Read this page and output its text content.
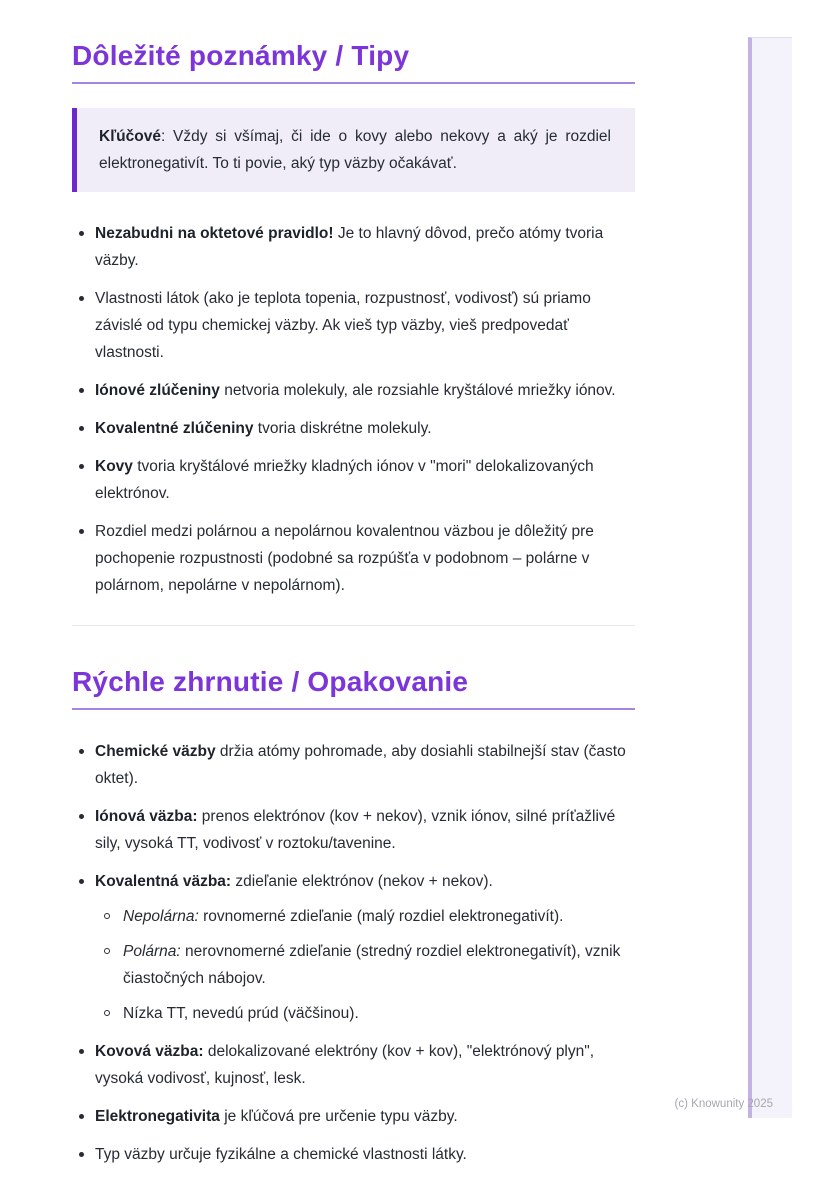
Dôležité poznámky / Tipy

Kľúčové: Vždy si všímaj, či ide o kovy alebo nekovy a aký je rozdiel elektronegativít. To ti povie, aký typ väzby očakávať.

Nezabudni na oktetové pravidlo! Je to hlavný dôvod, prečo atómy tvoria väzby.
Vlastnosti látok (ako je teplota topenia, rozpustnosť, vodivosť) sú priamo závislé od typu chemickej väzby. Ak vieš typ väzby, vieš predpovedať vlastnosti.
Iónové zlúčeniny netvoria molekuly, ale rozsiahle kryštálové mriežky iónov.
Kovalentné zlúčeniny tvoria diskrétne molekuly.
Kovy tvoria kryštálové mriežky kladných iónov v "mori" delokalizovaných elektrónov.
Rozdiel medzi polárnou a nepolárnou kovalentnou väzbou je dôležitý pre pochopenie rozpustnosti (podobné sa rozpúšťa v podobnom – polárne v polárnom, nepolárne v nepolárnom).
Rýchle zhrnutie / Opakovanie
Chemické väzby držia atómy pohromade, aby dosiahli stabilnejší stav (často oktet).
Iónová väzba: prenos elektrónov (kov + nekov), vznik iónov, silné príťažlivé sily, vysoká TT, vodivosť v roztoku/tavenine.
Kovalentná väzba: zdieľanie elektrónov (nekov + nekov).
Nepolárna: rovnomerné zdieľanie (malý rozdiel elektronegativít).
Polárna: nerovnomerné zdieľanie (stredný rozdiel elektronegativít), vznik čiastočných nábojov.
Nízka TT, nevedú prúd (väčšinou).
Kovová väzba: delokalizované elektróny (kov + kov), "elektrónový plyn", vysoká vodivosť, kujnosť, lesk.
Elektronegativita je kľúčová pre určenie typu väzby.
Typ väzby určuje fyzikálne a chemické vlastnosti látky.
(c) Knowunity 2025
